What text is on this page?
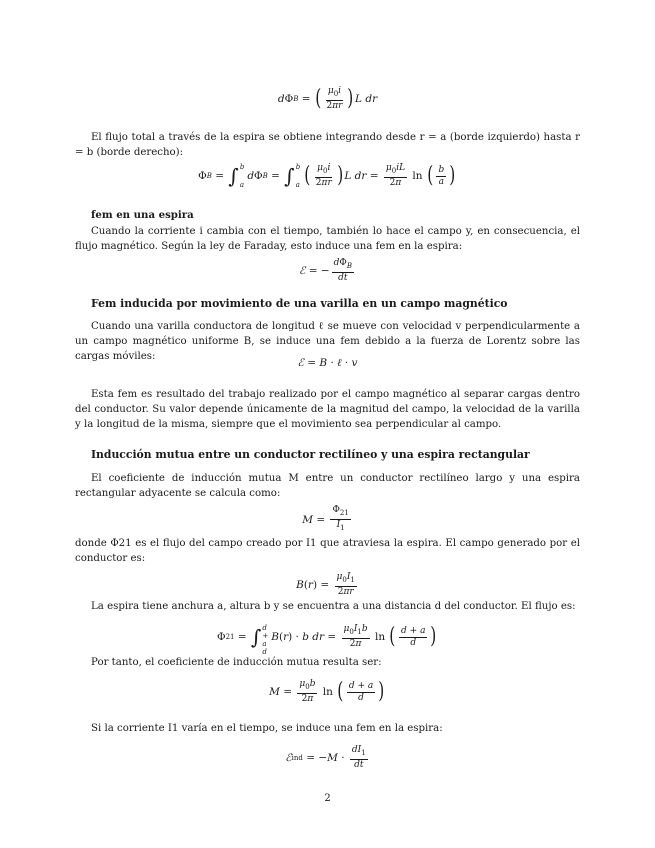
d Φ B = ( $\frac{\mu_0i}{2\pi r}$ ) L dr

El flujo total a través de la espira se obtiene integrando desde r = a (borde izquierdo) hasta r = b (borde derecho):

Φ B = ∫ b
a
d Φ B = ∫ b
a ( $\frac{\mu_0i}{2\pi r}$ ) L dr = $\frac{\mu_0iL}{2\pi}$ ln ( $\frac{b}{a}$ )
fem en una espira

Cuando la corriente i cambia con el tiempo, también lo hace el campo y, en consecuencia, el flujo magnético. Según la ley de Faraday, esto induce una fem en la espira:

ℰ = − $\frac{d\Phi_B}{dt}$
Fem inducida por movimiento de una varilla en un campo magnético

Cuando una varilla conductora de longitud ℓ se mueve con velocidad v perpendicularmente a un campo magnético uniforme B, se induce una fem debido a la fuerza de Lorentz sobre las cargas móviles:

ℰ = B · ℓ · v

Esta fem es resultado del trabajo realizado por el campo magnético al separar cargas dentro del conductor. Su valor depende únicamente de la magnitud del campo, la velocidad de la varilla y la longitud de la misma, siempre que el movimiento sea perpendicular al campo.

Inducción mutua entre un conductor rectilíneo y una espira rectangular

El coeficiente de inducción mutua M entre un conductor rectilíneo largo y una espira rectangular adyacente se calcula como:

$M = \frac{\Phi_{21}}{I_1}$

donde Φ21 es el flujo del campo creado por I1 que atraviesa la espira. El campo generado por el conductor es:

B ( r ) = $\frac{\mu_0I_1}{2\pi r}$

La espira tiene anchura a, altura b y se encuentra a una distancia d del conductor. El flujo es:

Φ 21 = ∫ d
+
a
d
B ( r ) · b dr = $\frac{\mu_0I_1b}{2\pi}$ ln ( $\frac{d + a}{d}$ )

Por tanto, el coeficiente de inducción mutua resulta ser:

$M = \frac{\mu_0b}{2\pi}$ ln ( $\frac{d + a}{d}$ )

Si la corriente I1 varía en el tiempo, se induce una fem en la espira:

ℰ ind = − $M \cdot \frac{dI_1}{dt}$
2
